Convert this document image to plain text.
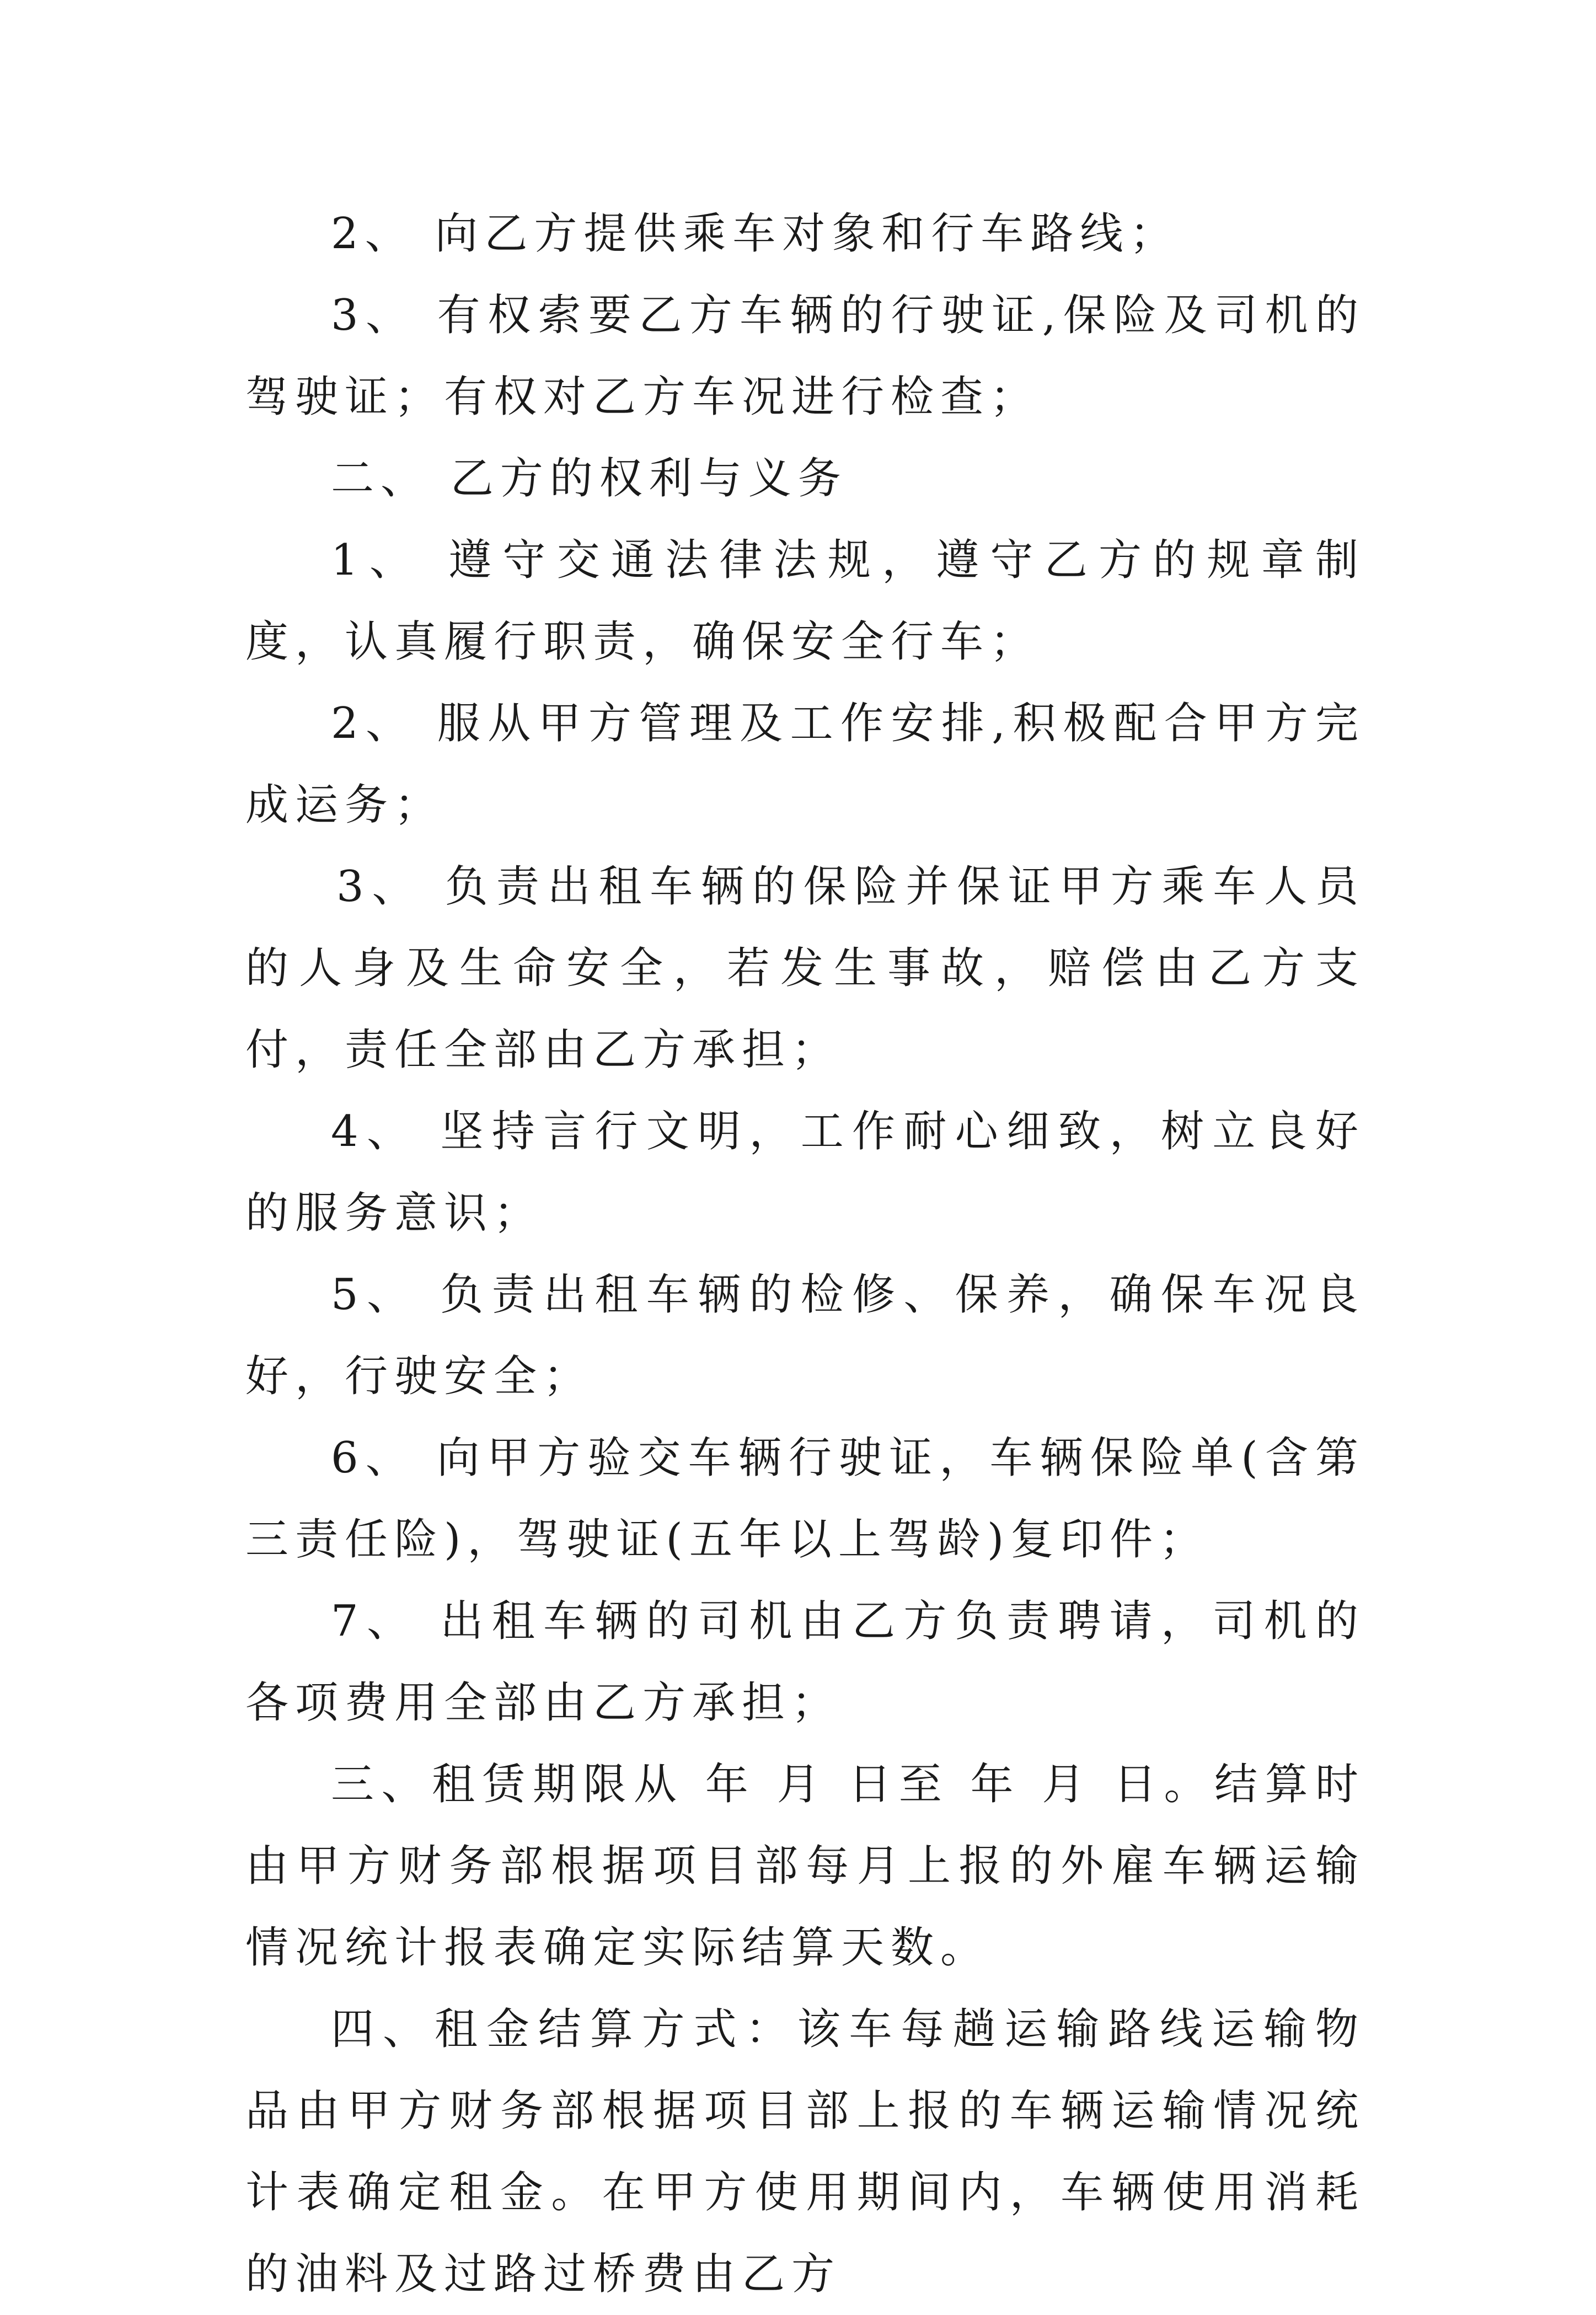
2、 向乙方提供乘车对象和行车路线；

3、 有权索要乙方车辆的行驶证,保险及司机的驾驶证；有权对乙方车况进行检查；

二、 乙方的权利与义务

1、 遵守交通法律法规，遵守乙方的规章制度，认真履行职责，确保安全行车；

2、 服从甲方管理及工作安排,积极配合甲方完成运务；

3、 负责出租车辆的保险并保证甲方乘车人员的人身及生命安全，若发生事故，赔偿由乙方支付，责任全部由乙方承担；

4、 坚持言行文明，工作耐心细致，树立良好的服务意识；

5、 负责出租车辆的检修、保养，确保车况良好，行驶安全；

6、 向甲方验交车辆行驶证，车辆保险单(含第三责任险)，驾驶证(五年以上驾龄)复印件；

7、 出租车辆的司机由乙方负责聘请，司机的各项费用全部由乙方承担；

三、租赁期限从 年 月 日至 年 月 日。结算时由甲方财务部根据项目部每月上报的外雇车辆运输情况统计报表确定实际结算天数。

四、租金结算方式：该车每趟运输路线运输物品由甲方财务部根据项目部上报的车辆运输情况统计表确定租金。在甲方使用期间内，车辆使用消耗的油料及过路过桥费由乙方
